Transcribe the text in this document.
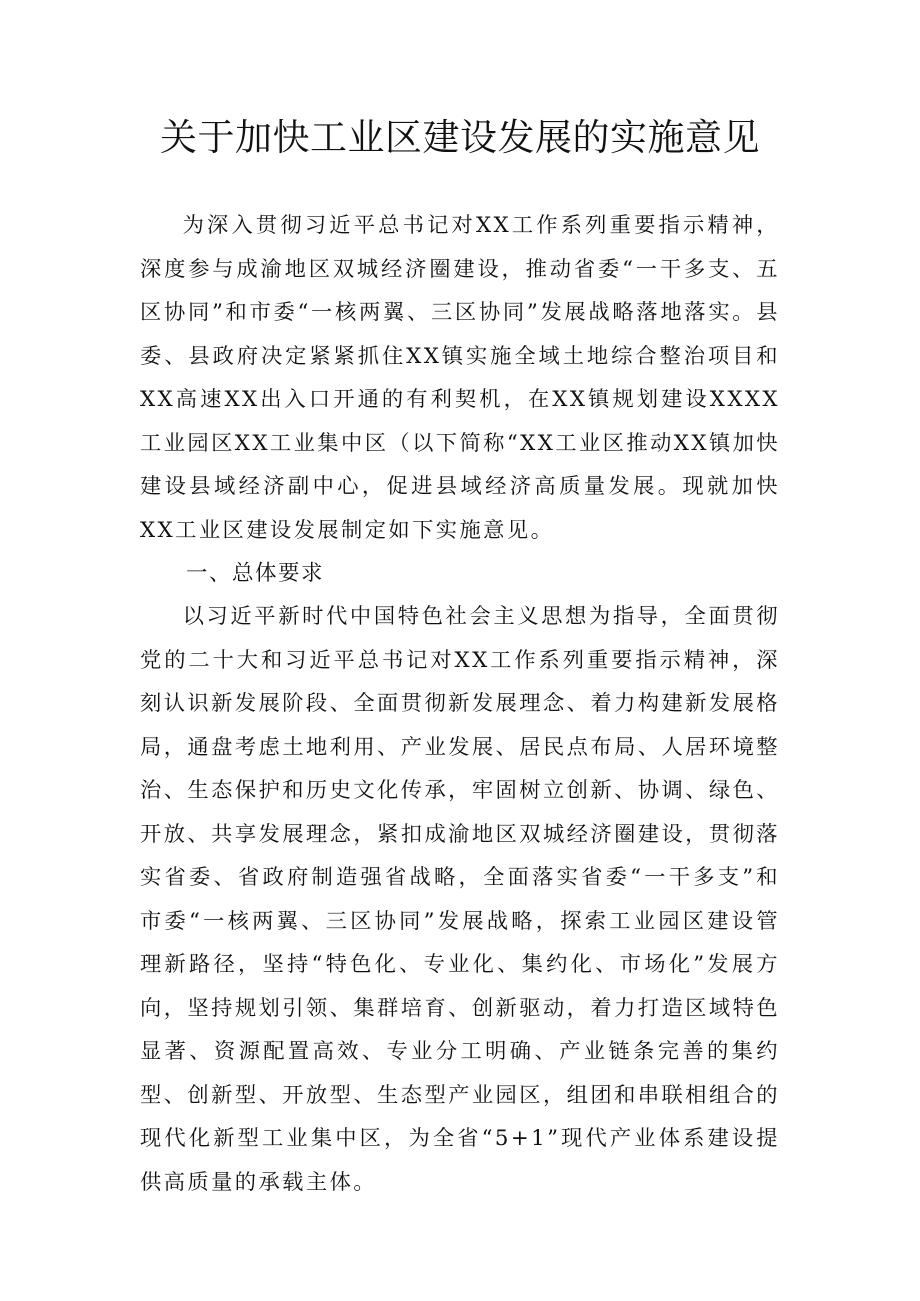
关于加快工业区建设发展的实施意见

为深入贯彻习近平总书记对XX工作系列重要指示精神，深度参与成渝地区双城经济圈建设，推动省委“一干多支、五区协同”和市委“一核两翼、三区协同”发展战略落地落实。县委、县政府决定紧紧抓住XX镇实施全域土地综合整治项目和XX高速XX出入口开通的有利契机，在XX镇规划建设XXXX工业园区XX工业集中区（以下简称“XX工业区推动XX镇加快建设县域经济副中心，促进县域经济高质量发展。现就加快XX工业区建设发展制定如下实施意见。

一、总体要求

以习近平新时代中国特色社会主义思想为指导，全面贯彻党的二十大和习近平总书记对XX工作系列重要指示精神，深刻认识新发展阶段、全面贯彻新发展理念、着力构建新发展格局，通盘考虑土地利用、产业发展、居民点布局、人居环境整治、生态保护和历史文化传承，牢固树立创新、协调、绿色、开放、共享发展理念，紧扣成渝地区双城经济圈建设，贯彻落实省委、省政府制造强省战略，全面落实省委“一干多支”和市委“一核两翼、三区协同”发展战略，探索工业园区建设管理新路径，坚持“特色化、专业化、集约化、市场化”发展方向，坚持规划引领、集群培育、创新驱动，着力打造区域特色显著、资源配置高效、专业分工明确、产业链条完善的集约型、创新型、开放型、生态型产业园区，组团和串联相组合的现代化新型工业集中区，为全省“5+1”现代产业体系建设提供高质量的承载主体。
